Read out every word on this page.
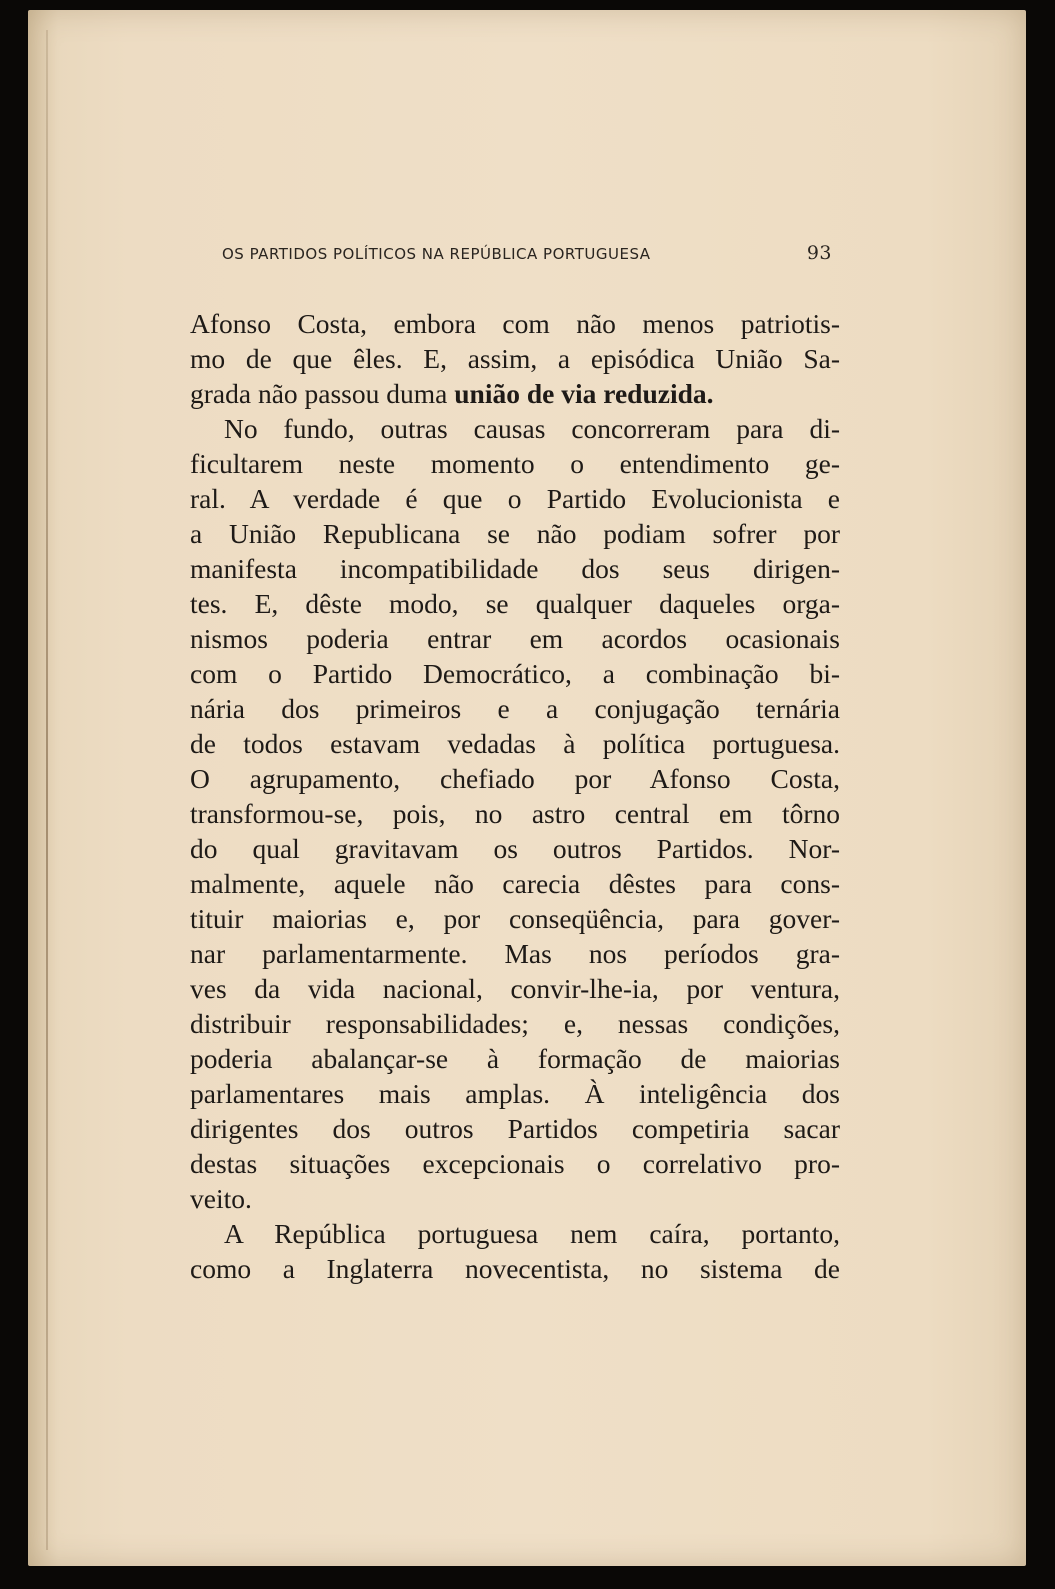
OS PARTIDOS POLÍTICOS NA REPÚBLICA PORTUGUESA	93
Afonso Costa, embora com não menos patriotis-
mo de que êles. E, assim, a episódica União Sa-
grada não passou duma união de via reduzida.
No fundo, outras causas concorreram para di-
ficultarem neste momento o entendimento ge-
ral. A verdade é que o Partido Evolucionista e
a União Republicana se não podiam sofrer por
manifesta incompatibilidade dos seus dirigen-
tes. E, dêste modo, se qualquer daqueles orga-
nismos poderia entrar em acordos ocasionais
com o Partido Democrático, a combinação bi-
nária dos primeiros e a conjugação ternária
de todos estavam vedadas à política portuguesa.
O agrupamento, chefiado por Afonso Costa,
transformou-se, pois, no astro central em tôrno
do qual gravitavam os outros Partidos. Nor-
malmente, aquele não carecia dêstes para cons-
tituir maiorias e, por conseqüência, para gover-
nar parlamentarmente. Mas nos períodos gra-
ves da vida nacional, convir-lhe-ia, por ventura,
distribuir responsabilidades; e, nessas condições,
poderia abalançar-se à formação de maiorias
parlamentares mais amplas. À inteligência dos
dirigentes dos outros Partidos competiria sacar
destas situações excepcionais o correlativo pro-
veito.
A República portuguesa nem caíra, portanto,
como a Inglaterra novecentista, no sistema de
